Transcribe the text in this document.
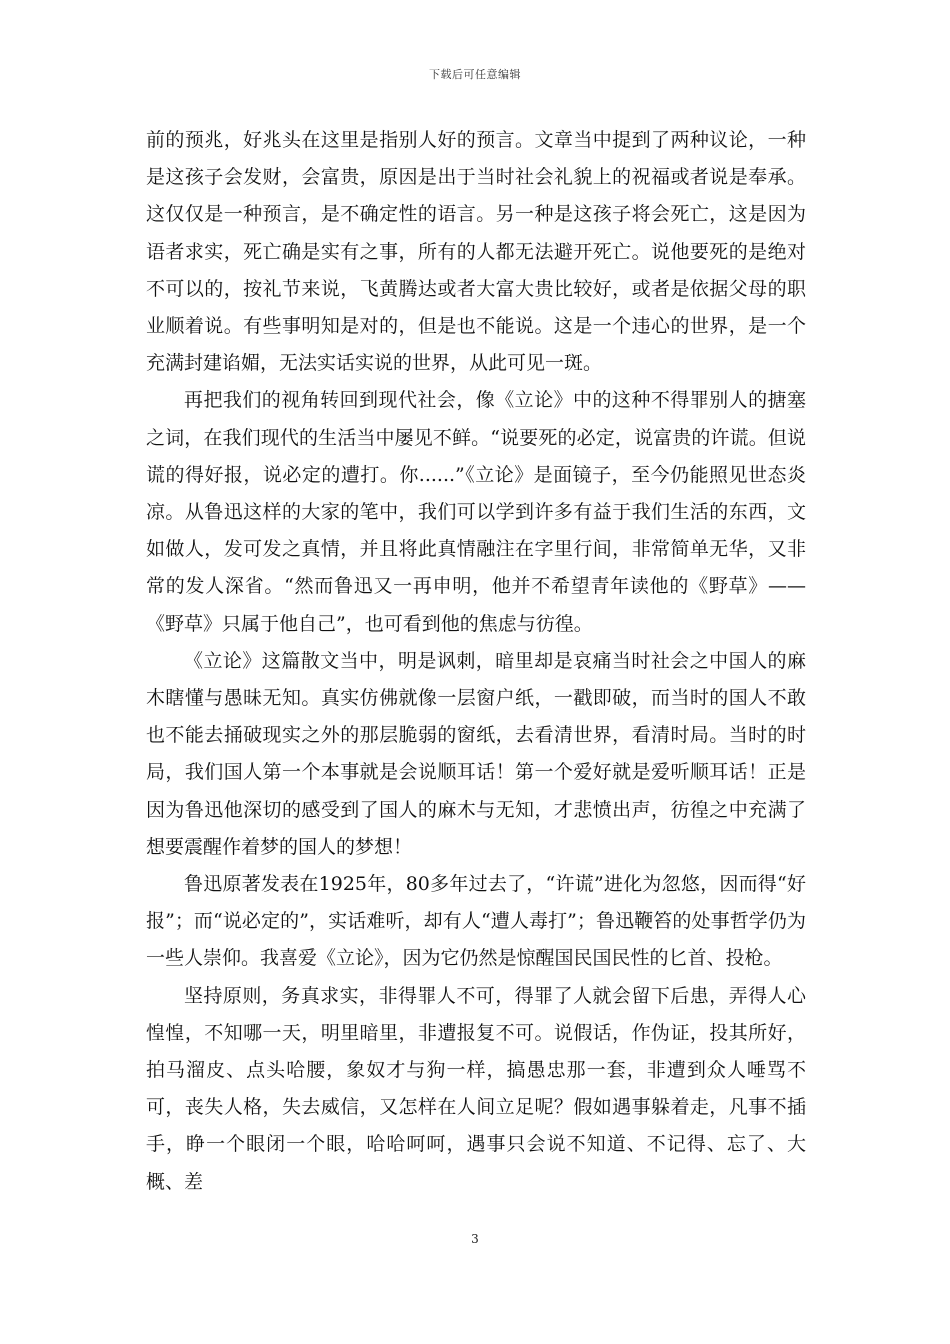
下载后可任意编辑

前的预兆，好兆头在这里是指别人好的预言。文章当中提到了两种议论，一种是这孩子会发财，会富贵，原因是出于当时社会礼貌上的祝福或者说是奉承。这仅仅是一种预言，是不确定性的语言。另一种是这孩子将会死亡，这是因为语者求实，死亡确是实有之事，所有的人都无法避开死亡。说他要死的是绝对不可以的，按礼节来说，飞黄腾达或者大富大贵比较好，或者是依据父母的职业顺着说。有些事明知是对的，但是也不能说。这是一个违心的世界，是一个充满封建谄媚，无法实话实说的世界，从此可见一斑。

再把我们的视角转回到现代社会，像《立论》中的这种不得罪别人的搪塞之词，在我们现代的生活当中屡见不鲜。“说要死的必定，说富贵的许谎。但说谎的得好报，说必定的遭打。你......”《立论》是面镜子，至今仍能照见世态炎凉。从鲁迅这样的大家的笔中，我们可以学到许多有益于我们生活的东西，文如做人，发可发之真情，并且将此真情融注在字里行间，非常简单无华，又非常的发人深省。“然而鲁迅又一再申明，他并不希望青年读他的《野草》——《野草》只属于他自己”，也可看到他的焦虑与彷徨。

《立论》这篇散文当中，明是讽刺，暗里却是哀痛当时社会之中国人的麻木瞎懂与愚昧无知。真实仿佛就像一层窗户纸，一戳即破，而当时的国人不敢也不能去捅破现实之外的那层脆弱的窗纸，去看清世界，看清时局。当时的时局，我们国人第一个本事就是会说顺耳话！第一个爱好就是爱听顺耳话！正是因为鲁迅他深切的感受到了国人的麻木与无知，才悲愤出声，彷徨之中充满了想要震醒作着梦的国人的梦想！

鲁迅原著发表在1925年，80多年过去了，“许谎”进化为忽悠，因而得“好报”；而“说必定的”，实话难听，却有人“遭人毒打”；鲁迅鞭笞的处事哲学仍为一些人崇仰。我喜爱《立论》，因为它仍然是惊醒国民国民性的匕首、投枪。

坚持原则，务真求实，非得罪人不可，得罪了人就会留下后患，弄得人心惶惶，不知哪一天，明里暗里，非遭报复不可。说假话，作伪证，投其所好，拍马溜皮、点头哈腰，象奴才与狗一样，搞愚忠那一套，非遭到众人唾骂不可，丧失人格，失去威信，又怎样在人间立足呢？假如遇事躲着走，凡事不插手，睁一个眼闭一个眼，哈哈呵呵，遇事只会说不知道、不记得、忘了、大概、差

3
